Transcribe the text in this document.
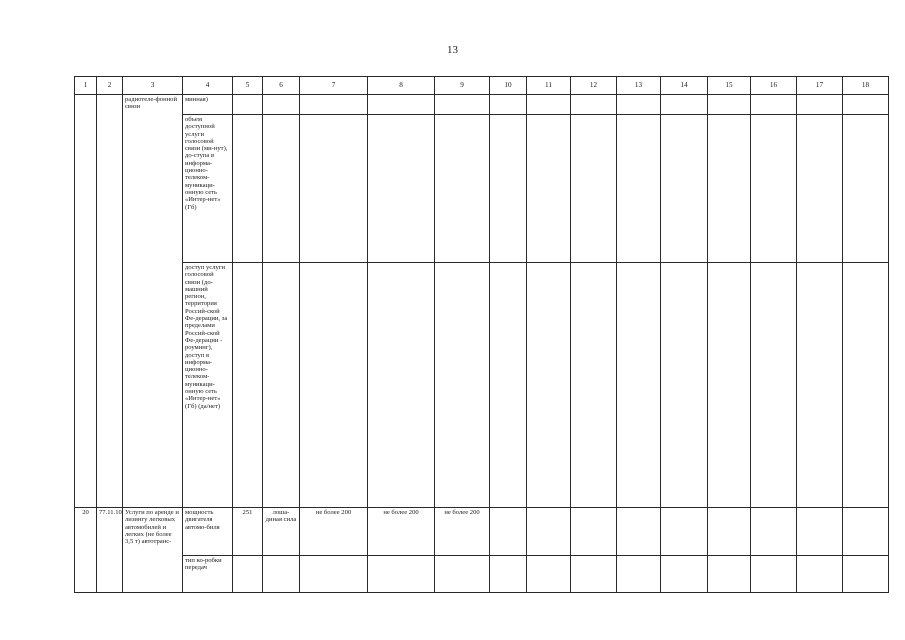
13
1	2	3	4	5	6	7	8	9	10	11	12	13	14	15	16	17	18
		радиотеле-фонной связи	минная)														
			объем доступной услуги голосовой связи (ми-нут), до-ступа в информа-ционно-телеком-муникаци-онную сеть «Интер-нет» (Гб)														
			доступ услуги голосовой связи (до-машний регион, территория Россий-ской Фе-дерации, за пределами Россий-ской Фе-дерации - роуминг), доступ в информа-ционно-телеком-муникаци-онную сеть «Интер-нет» (Гб) (да/нет)														
20	77.11.10	Услуги по аренде и лизингу легковых автомобилей и легких (не более 3,5 т) автотранс-	мощность двигателя автомо-биля	251	лоша-диная сила	не более 200	не более 200	не более 200									
			тип ко-робки передач														
